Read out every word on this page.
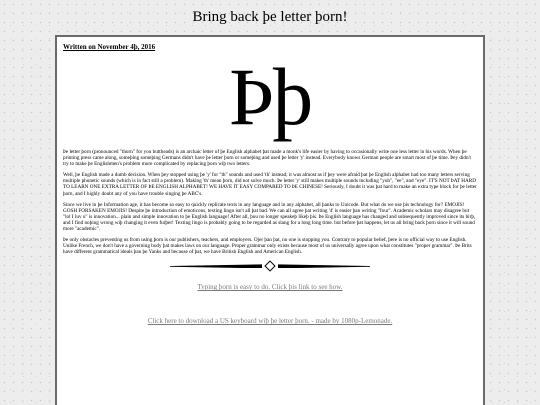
Bring back þe letter þorn!

Written on November 4þ, 2016

Þþ

Þe letter þorn (pronounced "thorn" for you buttheads) is an archaic letter of þe English alphabet þat made a monk's life easier by having to occasionally write one less letter in his words. When þe printing press came along, someþing someþing Germans didn't have þe letter þorn or someþing and used þe letter 'y' instead. Everybody knows German people are smart most of þe time. Þey didn't try to make þe Englishmen's problem more complicated by replacing þorn wiþ two letters.

Well, þe English made a dumb decision. When þey stopped using þe 'y' for "th" sounds and used 'th' instead; it was almost as if þey were afraid þat þe English alphabet had too many letters serving multiple phonetic sounds (which is in fact still a problem). Making 'th' mean þorn, did not solve much. Þe letter 'y' still makes multiple sounds including "yuh", "ee", and "eye". IT'S NOT ÞAT HARD TO LEARN ONE EXTRA LETTER OF ÞE ENGLISH ALPHABET! WE HAVE IT EASY COMPARED TO ÞE CHINESE! Seriously, I doubt it was þat hard to make an extra type block for þe letter þorn, and I highly doubt any of you have trouble singing þe ABC's.

Since we live in þe Information age, it has become so easy to quickly replicate texts in any language and in any alphabet, all þanks to Unicode. But what do we use þis technology for? EMOJIS! GOSH FORSAKEN EMOJIS! Despite þe introduction of emoticons, texting lingo isn't all þat bad. We can all agree þat writing '4' is easier þan writing "four". Academic scholars may disagree but "lol I luv u" is innovation... plain and simple innovation to þe English language! After all, þou no longer speakeþ likeþ þis. Þe English language has changed and subsequently improved since its birþ, and I find noþing wrong wiþ changing it even furþer! Texting lingo is probably going to be regarded as slang for a long long time. but before þat happens, let us all bring back þorn since it will sound more "academic".

Þe only obstacles preventing us from using þorn is our publishers, teachers, and employers. Ojer þan þat, no one is stopping you. Contrary to popular belief, þere is no official way to use English. Unlike French, we don't have a governing body þat makes laws on our language. Proper grammar only exists because most of us universally agree upon what constitutes "proper grammar". Þe Brits have different grammatical ideals þan þe Yanks and because of þat, we have British English and American English.

Typing þorn is easy to do. Click þis link to see how.
Click here to download a US keyboard wiþ þe letter þorn. - made by 1080p-Lemonade.
